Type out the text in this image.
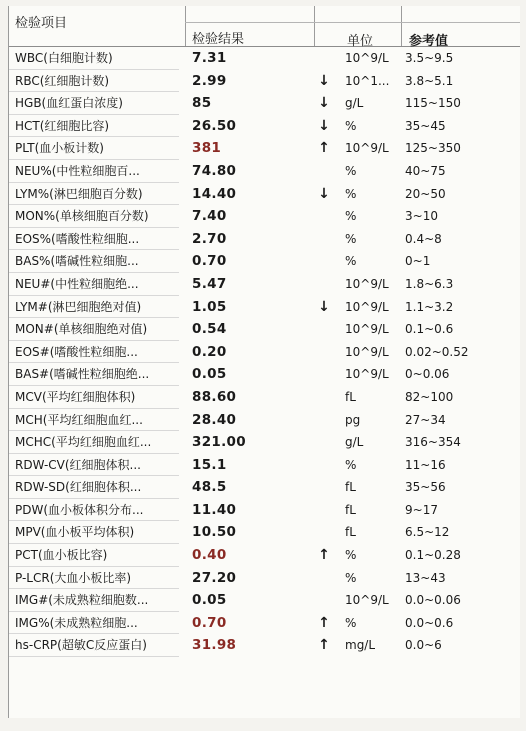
检验项目
检验结果	单位	参考值
WBC(白细胞计数)	7.31	10^9/L	3.5~9.5
RBC(红细胞计数)	2.99	↓ 10^1...	3.8~5.1
HGB(血红蛋白浓度)	85	↓ g/L	115~150
HCT(红细胞比容)	26.50	↓ %	35~45
PLT(血小板计数)	381	↑ 10^9/L	125~350
NEU%(中性粒细胞百...	74.80	%	40~75
LYM%(淋巴细胞百分数)	14.40	↓ %	20~50
MON%(单核细胞百分数)	7.40	%	3~10
EOS%(嗜酸性粒细胞...	2.70	%	0.4~8
BAS%(嗜碱性粒细胞...	0.70	%	0~1
NEU#(中性粒细胞绝...	5.47	10^9/L	1.8~6.3
LYM#(淋巴细胞绝对值)	1.05	↓ 10^9/L	1.1~3.2
MON#(单核细胞绝对值)	0.54	10^9/L	0.1~0.6
EOS#(嗜酸性粒细胞...	0.20	10^9/L	0.02~0.52
BAS#(嗜碱性粒细胞绝...	0.05	10^9/L	0~0.06
MCV(平均红细胞体积)	88.60	fL	82~100
MCH(平均红细胞血红...	28.40	pg	27~34
MCHC(平均红细胞血红...	321.00	g/L	316~354
RDW-CV(红细胞体积...	15.1	%	11~16
RDW-SD(红细胞体积...	48.5	fL	35~56
PDW(血小板体积分布...	11.40	fL	9~17
MPV(血小板平均体积)	10.50	fL	6.5~12
PCT(血小板比容)	0.40	↑ %	0.1~0.28
P-LCR(大血小板比率)	27.20	%	13~43
IMG#(未成熟粒细胞数...	0.05	10^9/L	0.0~0.06
IMG%(未成熟粒细胞...	0.70	↑ %	0.0~0.6
hs-CRP(超敏C反应蛋白)	31.98	↑ mg/L	0.0~6
